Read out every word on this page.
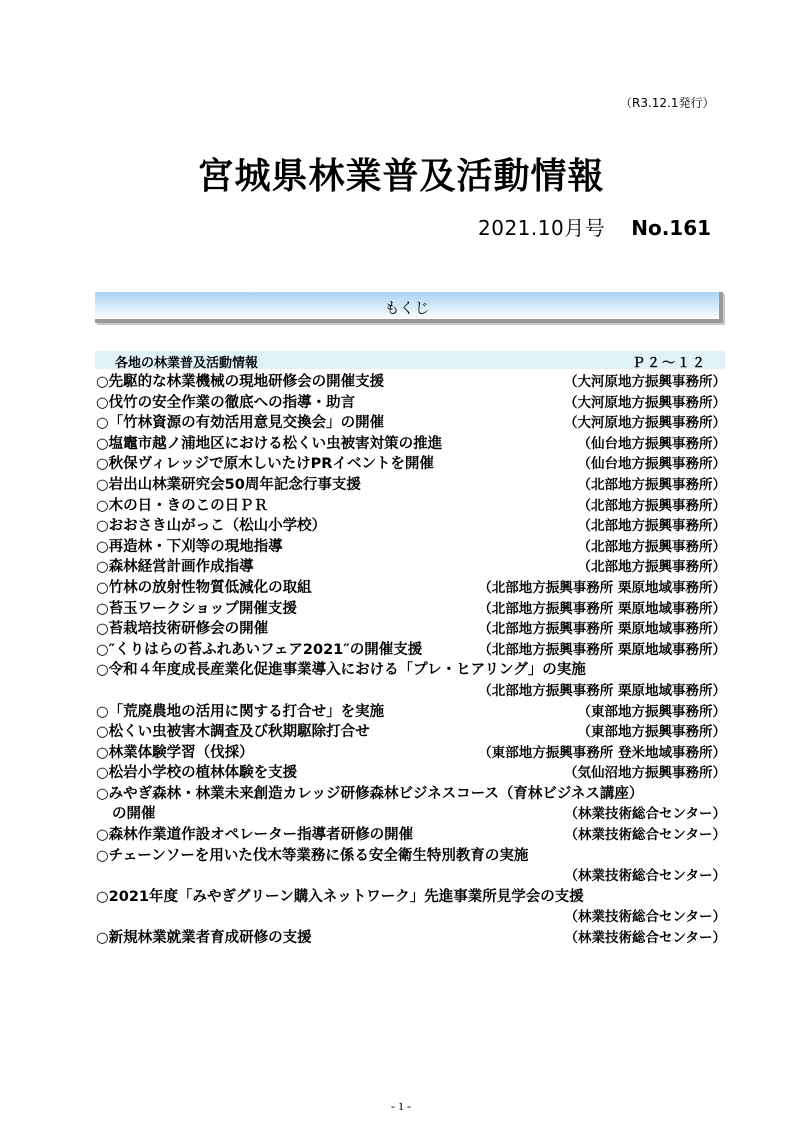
（R3.12.1発行）
宮城県林業普及活動情報
2021.10月号 No.161
もくじ
各地の林業普及活動情報	Ｐ２～１２
○先駆的な林業機械の現地研修会の開催支援	（大河原地方振興事務所）
○伐竹の安全作業の徹底への指導・助言	（大河原地方振興事務所）
○「竹林資源の有効活用意見交換会」の開催	（大河原地方振興事務所）
○塩竈市越ノ浦地区における松くい虫被害対策の推進	（仙台地方振興事務所）
○秋保ヴィレッジで原木しいたけPRイベントを開催	（仙台地方振興事務所）
○岩出山林業研究会50周年記念行事支援	（北部地方振興事務所）
○木の日・きのこの日ＰＲ	（北部地方振興事務所）
○おおさき山がっこ（松山小学校）	（北部地方振興事務所）
○再造林・下刈等の現地指導	（北部地方振興事務所）
○森林経営計画作成指導	（北部地方振興事務所）
○竹林の放射性物質低減化の取組	（北部地方振興事務所 栗原地域事務所）
○苔玉ワークショップ開催支援	（北部地方振興事務所 栗原地域事務所）
○苔栽培技術研修会の開催	（北部地方振興事務所 栗原地域事務所）
○″くりはらの苔ふれあいフェア2021″の開催支援	（北部地方振興事務所 栗原地域事務所）
○令和４年度成長産業化促進事業導入における「プレ・ヒアリング」の実施
（北部地方振興事務所 栗原地域事務所）
○「荒廃農地の活用に関する打合せ」を実施	（東部地方振興事務所）
○松くい虫被害木調査及び秋期駆除打合せ	（東部地方振興事務所）
○林業体験学習（伐採）	（東部地方振興事務所 登米地域事務所）
○松岩小学校の植林体験を支援	（気仙沼地方振興事務所）
○みやぎ森林・林業未来創造カレッジ研修森林ビジネスコース（育林ビジネス講座）
の開催	（林業技術総合センター）
○森林作業道作設オペレーター指導者研修の開催	（林業技術総合センター）
○チェーンソーを用いた伐木等業務に係る安全衛生特別教育の実施
（林業技術総合センター）
○2021年度「みやぎグリーン購入ネットワーク」先進事業所見学会の支援
（林業技術総合センター）
○新規林業就業者育成研修の支援	（林業技術総合センター）
- 1 -
